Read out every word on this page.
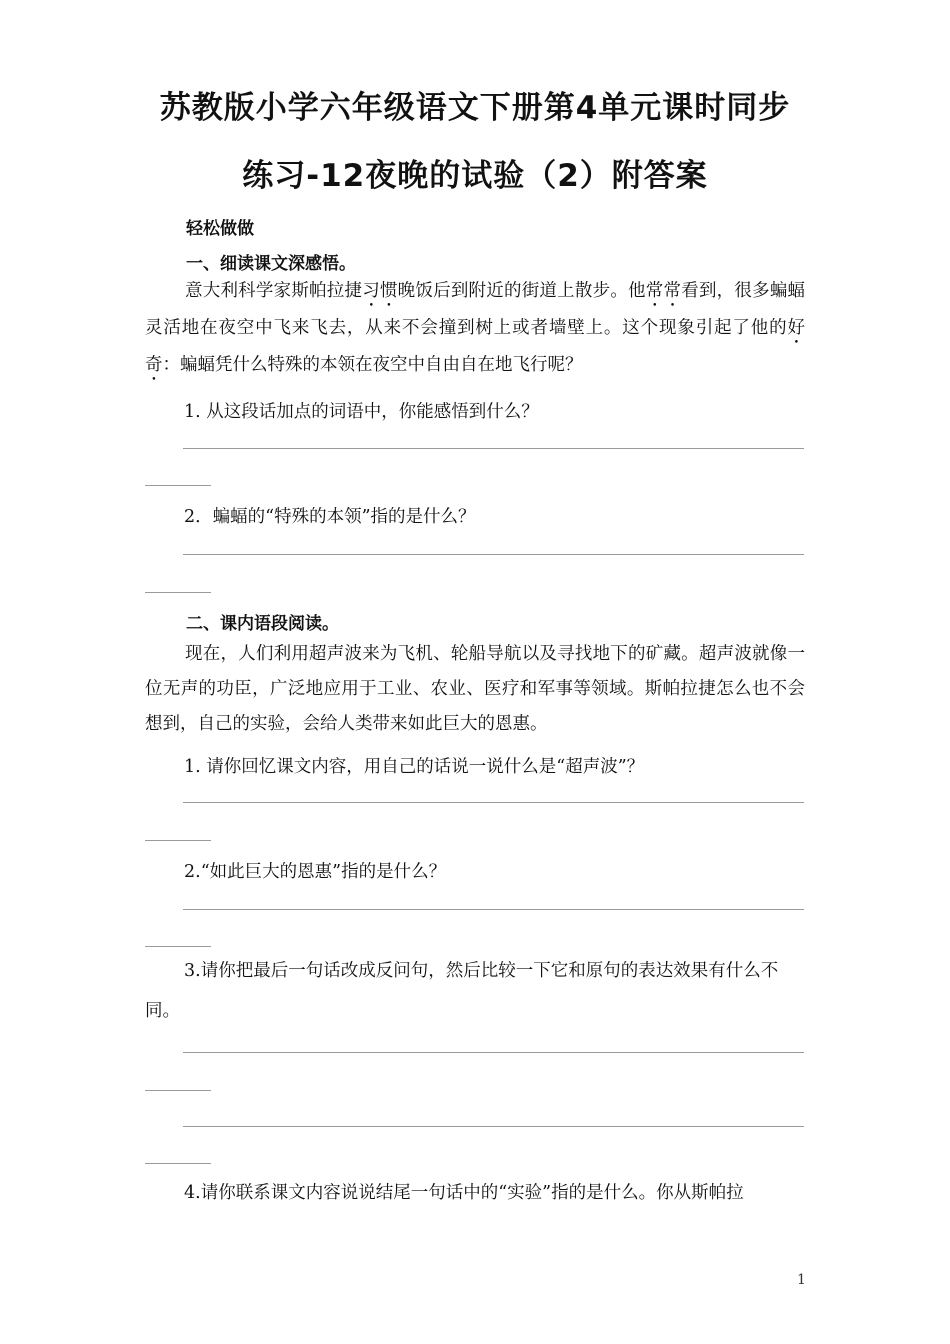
苏教版小学六年级语文下册第4单元课时同步
练习-12夜晚的试验（2）附答案
轻松做做
一、细读课文深感悟。

意大利科学家斯帕拉捷习惯晚饭后到附近的街道上散步。他常常看到，很多蝙蝠灵活地在夜空中飞来飞去，从来不会撞到树上或者墙壁上。这个现象引起了他的好奇：蝙蝠凭什么特殊的本领在夜空中自由自在地飞行呢？

1. 从这段话加点的词语中，你能感悟到什么？
2．蝙蝠的“特殊的本领”指的是什么？
二、课内语段阅读。

现在，人们利用超声波来为飞机、轮船导航以及寻找地下的矿藏。超声波就像一位无声的功臣，广泛地应用于工业、农业、医疗和军事等领域。斯帕拉捷怎么也不会想到，自己的实验，会给人类带来如此巨大的恩惠。

1. 请你回忆课文内容，用自己的话说一说什么是“超声波”？
2.“如此巨大的恩惠”指的是什么？

3.请你把最后一句话改成反问句，然后比较一下它和原句的表达效果有什么不同。

4.请你联系课文内容说说结尾一句话中的“实验”指的是什么。你从斯帕拉
1
